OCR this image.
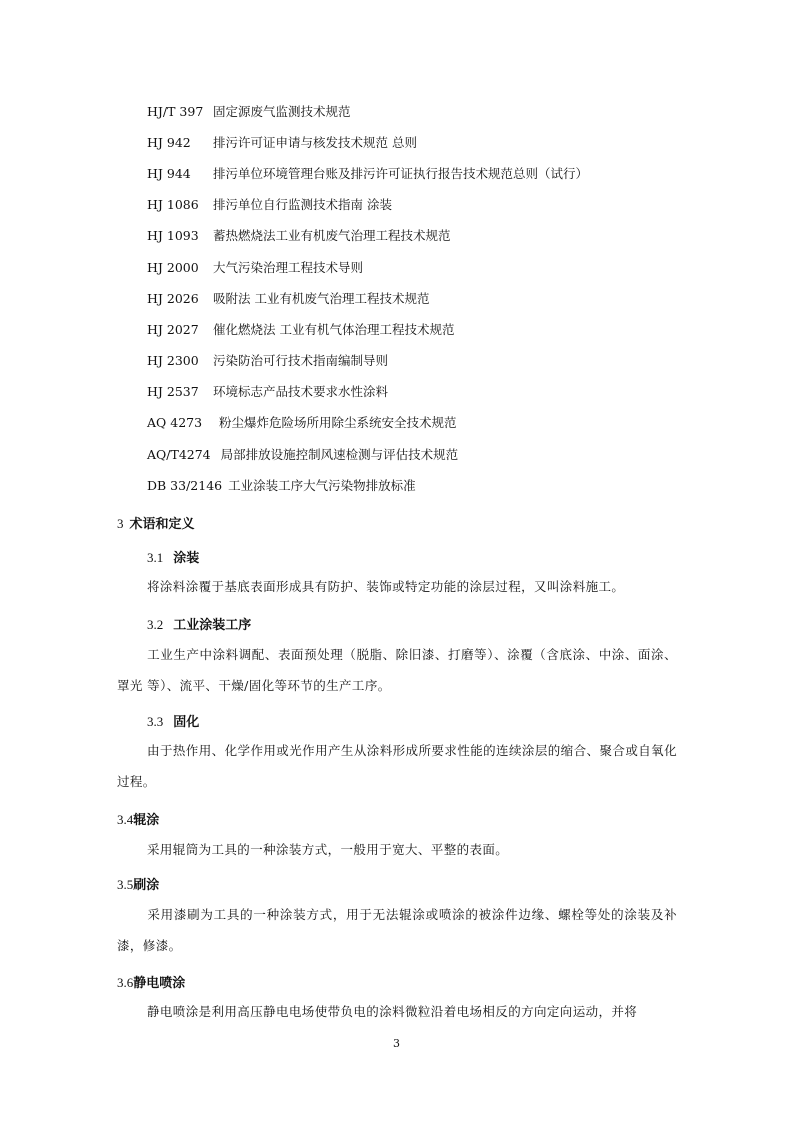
HJ/T 397 固定源废气监测技术规范
HJ 942 排污许可证申请与核发技术规范 总则
HJ 944 排污单位环境管理台账及排污许可证执行报告技术规范总则（试行）
HJ 1086 排污单位自行监测技术指南 涂装
HJ 1093 蓄热燃烧法工业有机废气治理工程技术规范
HJ 2000 大气污染治理工程技术导则
HJ 2026 吸附法 工业有机废气治理工程技术规范
HJ 2027 催化燃烧法 工业有机气体治理工程技术规范
HJ 2300 污染防治可行技术指南编制导则
HJ 2537 环境标志产品技术要求水性涂料
AQ 4273 粉尘爆炸危险场所用除尘系统安全技术规范
AQ/T4274 局部排放设施控制风速检测与评估技术规范
DB 33/2146 工业涂装工序大气污染物排放标准
3 术语和定义
3.1 涂装
将涂料涂覆于基底表面形成具有防护、装饰或特定功能的涂层过程，又叫涂料施工。
3.2 工业涂装工序
工业生产中涂料调配、表面预处理（脱脂、除旧漆、打磨等）、涂覆（含底涂、中涂、面涂、罩光 等）、流平、干燥/固化等环节的生产工序。
3.3 固化
由于热作用、化学作用或光作用产生从涂料形成所要求性能的连续涂层的缩合、聚合或自氧化过程。
3.4辊涂
采用辊筒为工具的一种涂装方式，一般用于宽大、平整的表面。
3.5刷涂
采用漆刷为工具的一种涂装方式，用于无法辊涂或喷涂的被涂件边缘、螺栓等处的涂装及补漆，修漆。
3.6静电喷涂
静电喷涂是利用高压静电电场使带负电的涂料微粒沿着电场相反的方向定向运动，并将
3
